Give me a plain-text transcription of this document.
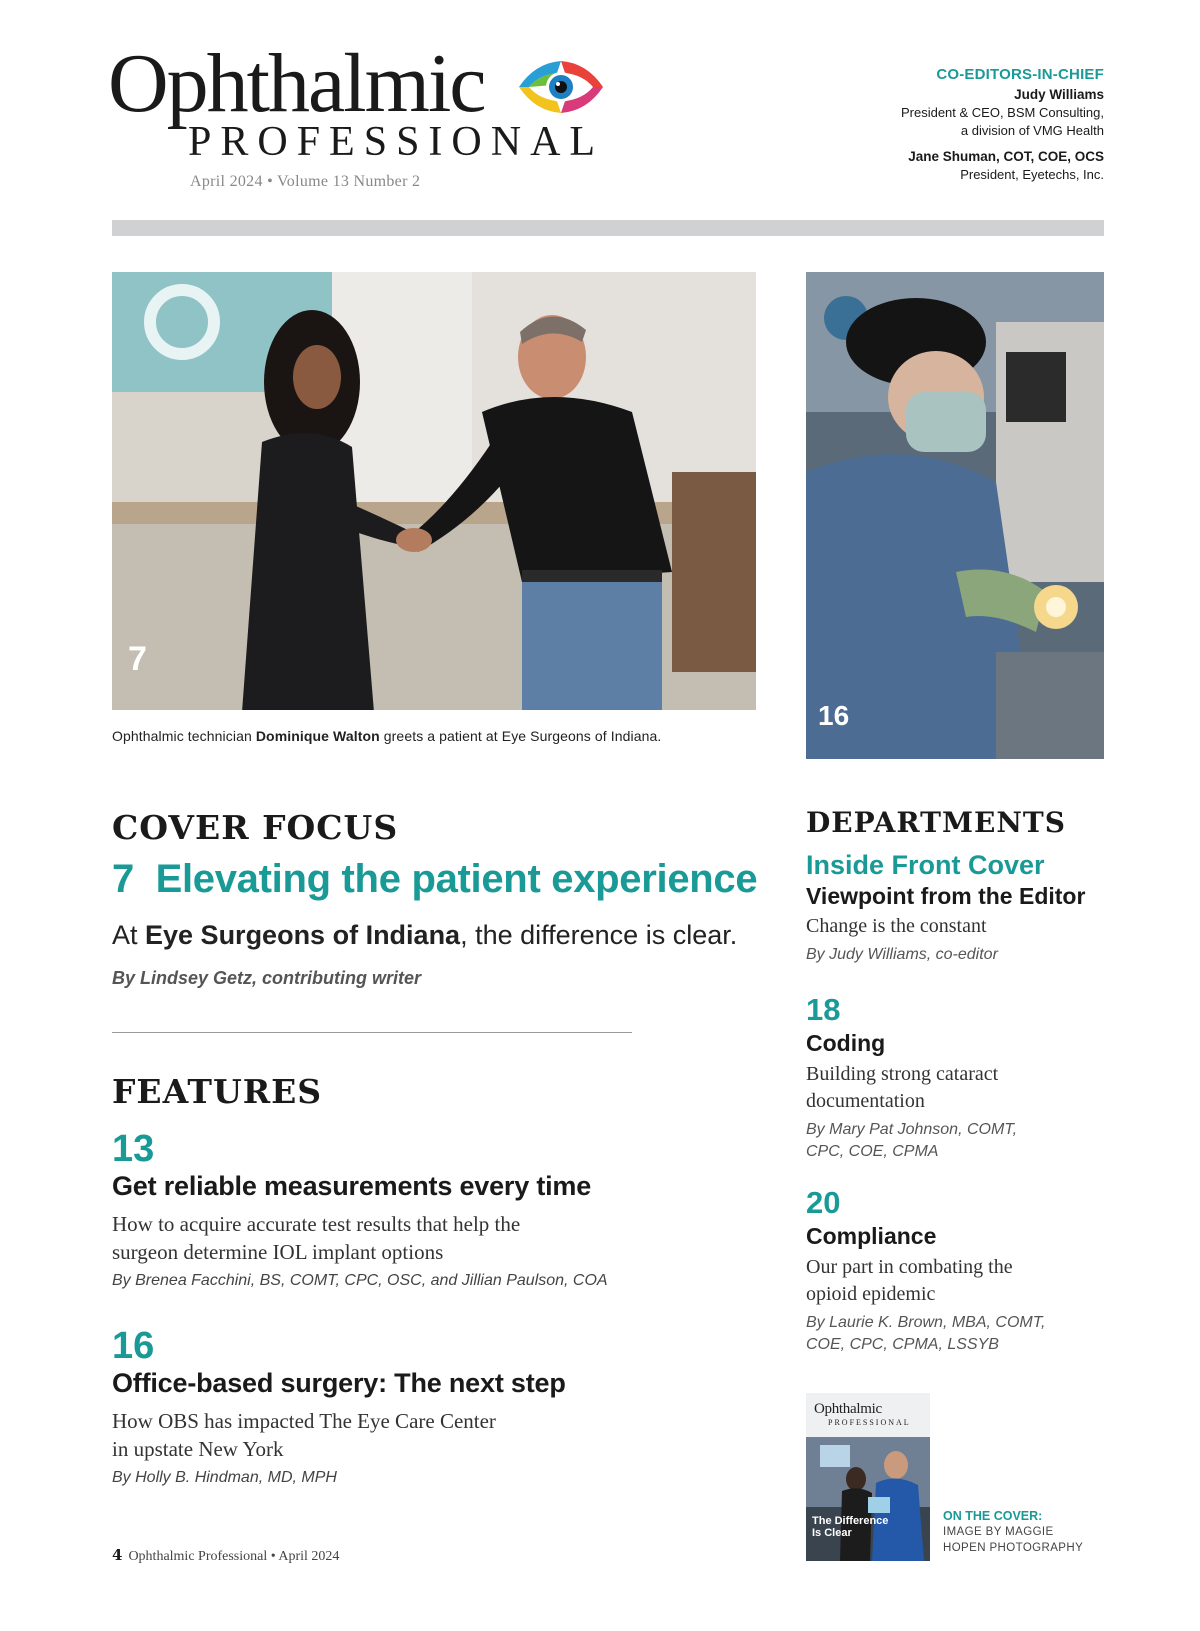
Ophthalmic
PROFESSIONAL
April 2024 • Volume 13 Number 2
CO-EDITORS-IN-CHIEF
Judy Williams
President & CEO, BSM Consulting,
a division of VMG Health
Jane Shuman, COT, COE, OCS
President, Eyetechs, Inc.
7
Ophthalmic technician Dominique Walton greets a patient at Eye Surgeons of Indiana.
16
COVER FOCUS
7 Elevating the patient experience
At Eye Surgeons of Indiana, the difference is clear.
By Lindsey Getz, contributing writer
FEATURES
13
Get reliable measurements every time
How to acquire accurate test results that help the
surgeon determine IOL implant options
By Brenea Facchini, BS, COMT, CPC, OSC, and Jillian Paulson, COA
16
Office-based surgery: The next step
How OBS has impacted The Eye Care Center
in upstate New York
By Holly B. Hindman, MD, MPH
DEPARTMENTS
Inside Front Cover
Viewpoint from the Editor
Change is the constant
By Judy Williams, co-editor
18
Coding
Building strong cataract
documentation
By Mary Pat Johnson, COMT,
CPC, COE, CPMA
20
Compliance
Our part in combating the
opioid epidemic
By Laurie K. Brown, MBA, COMT,
COE, CPC, CPMA, LSSYB
Ophthalmic
PROFESSIONAL
The Difference
Is Clear
ON THE COVER:
IMAGE BY MAGGIE
HOPEN PHOTOGRAPHY
4 Ophthalmic Professional • April 2024
